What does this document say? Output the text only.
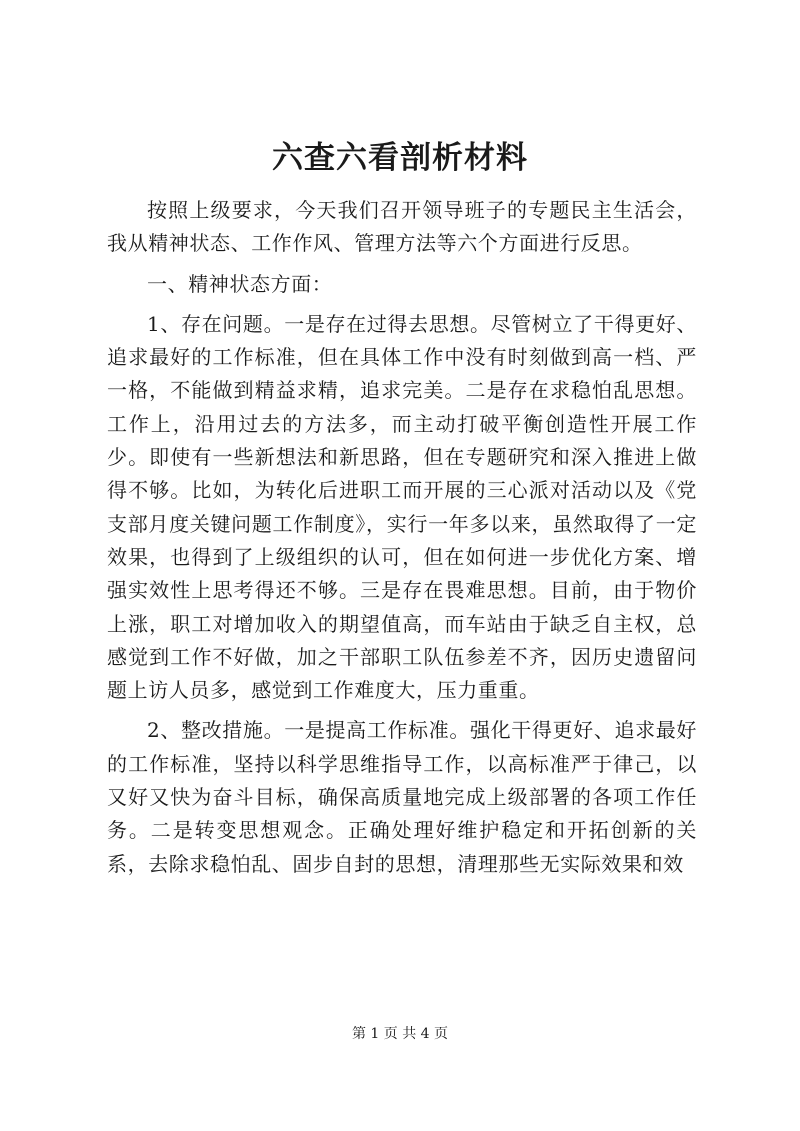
六查六看剖析材料

按照上级要求，今天我们召开领导班子的专题民主生活会，我从精神状态、工作作风、管理方法等六个方面进行反思。

一、精神状态方面：

1、存在问题。一是存在过得去思想。尽管树立了干得更好、追求最好的工作标准，但在具体工作中没有时刻做到高一档、严一格，不能做到精益求精，追求完美。二是存在求稳怕乱思想。工作上，沿用过去的方法多，而主动打破平衡创造性开展工作少。即使有一些新想法和新思路，但在专题研究和深入推进上做得不够。比如，为转化后进职工而开展的三心派对活动以及《党支部月度关键问题工作制度》，实行一年多以来，虽然取得了一定效果，也得到了上级组织的认可，但在如何进一步优化方案、增强实效性上思考得还不够。三是存在畏难思想。目前，由于物价上涨，职工对增加收入的期望值高，而车站由于缺乏自主权，总感觉到工作不好做，加之干部职工队伍参差不齐，因历史遗留问题上访人员多，感觉到工作难度大，压力重重。

2、整改措施。一是提高工作标准。强化干得更好、追求最好的工作标准，坚持以科学思维指导工作，以高标准严于律己，以又好又快为奋斗目标，确保高质量地完成上级部署的各项工作任务。二是转变思想观念。正确处理好维护稳定和开拓创新的关系，去除求稳怕乱、固步自封的思想，清理那些无实际效果和效

第 1 页 共 4 页
